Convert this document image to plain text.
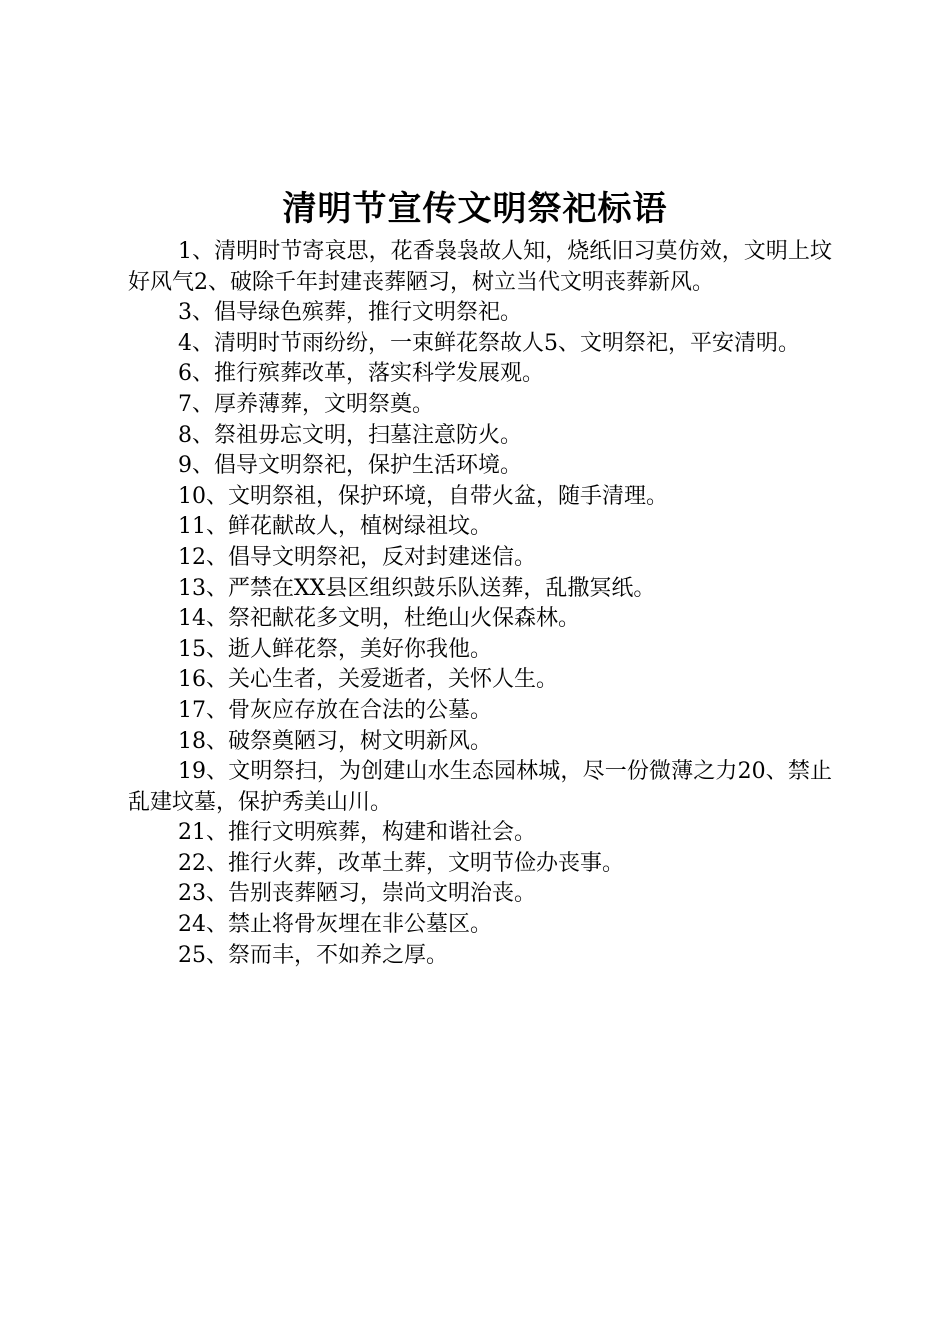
清明节宣传文明祭祀标语

1、清明时节寄哀思，花香袅袅故人知，烧纸旧习莫仿效，文明上坟好风气2、破除千年封建丧葬陋习，树立当代文明丧葬新风。

3、倡导绿色殡葬，推行文明祭祀。

4、清明时节雨纷纷，一束鲜花祭故人5、文明祭祀，平安清明。

6、推行殡葬改革，落实科学发展观。

7、厚养薄葬，文明祭奠。

8、祭祖毋忘文明，扫墓注意防火。

9、倡导文明祭祀，保护生活环境。

10、文明祭祖，保护环境，自带火盆，随手清理。

11、鲜花献故人，植树绿祖坟。

12、倡导文明祭祀，反对封建迷信。

13、严禁在XX县区组织鼓乐队送葬，乱撒冥纸。

14、祭祀献花多文明，杜绝山火保森林。

15、逝人鲜花祭，美好你我他。

16、关心生者，关爱逝者，关怀人生。

17、骨灰应存放在合法的公墓。

18、破祭奠陋习，树文明新风。

19、文明祭扫，为创建山水生态园林城，尽一份微薄之力20、禁止乱建坟墓，保护秀美山川。

21、推行文明殡葬，构建和谐社会。

22、推行火葬，改革土葬，文明节俭办丧事。

23、告别丧葬陋习，崇尚文明治丧。

24、禁止将骨灰埋在非公墓区。

25、祭而丰，不如养之厚。
